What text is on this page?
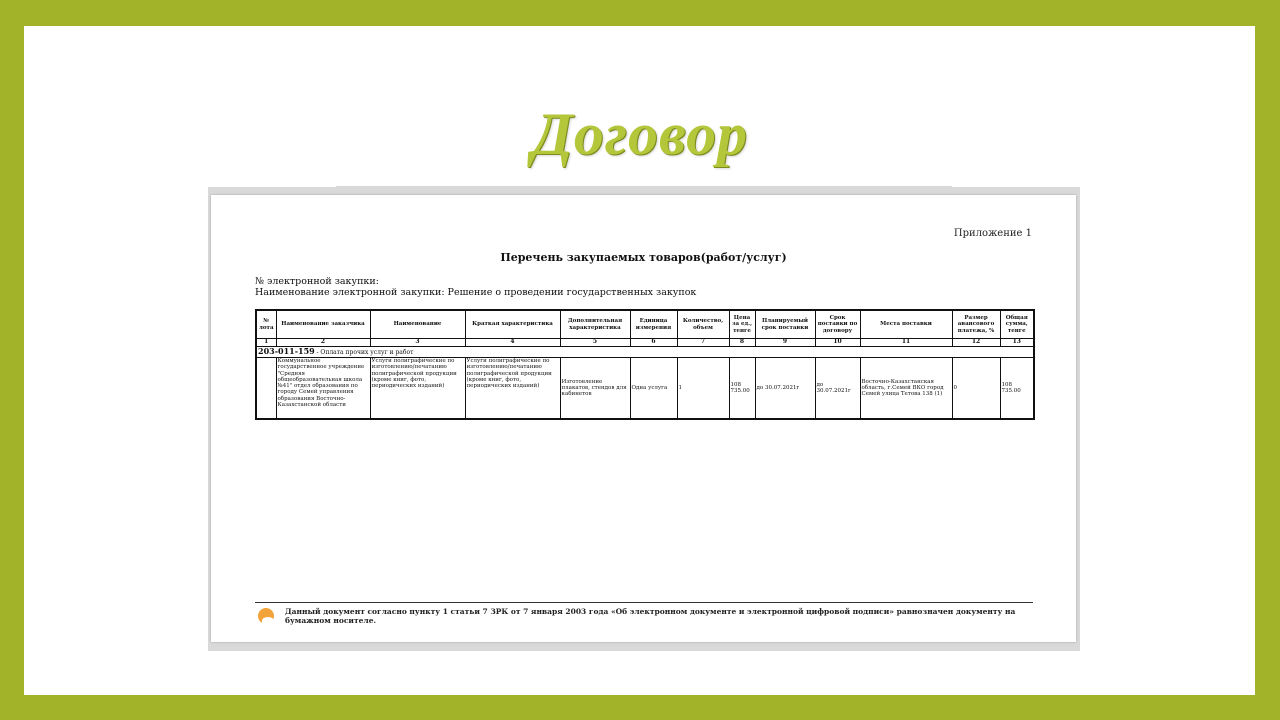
Договор
Приложение 1
Перечень закупаемых товаров(работ/услуг)
№ электронной закупки:
Наименование электронной закупки: Решение о проведении государственных закупок
№ лота	Наименование заказчика	Наименование	Краткая характеристика	Дополнительная характеристика	Единица измерения	Количество, объем	Цена за ед., тенге	Планируемый срок поставки	Срок поставки по договору	Места поставки	Размер авансового платежа, %	Общая сумма, тенге
1	2	3	4	5	6	7	8	9	10	11	12	13
203-011-159 - Оплата прочих услуг и работ												
	Коммунальное государственное учреждение "Средняя общеобразовательная школа №41" отдел образования по городу Семей управления образования Восточно-Казахстанской области	Услуги полиграфические по изготовлению/печатанию полиграфической продукции (кроме книг, фото, периодических изданий)	Услуги полиграфические по изготовлению/печатанию полиграфической продукции (кроме книг, фото, периодических изданий)	Изготовление плакатов, стендов для кабинетов	Одна услуга	1	108 735.00	до 30.07.2021г	до 30.07.2021г	Восточно-Казахстанская область, г.Семей ВКО город Семей улица Тетова 138 (1)	0	108 735.00
Данный документ согласно пункту 1 статьи 7 ЗРК от 7 января 2003 года «Об электронном документе и электронной цифровой подписи» равнозначен документу на бумажном носителе.
